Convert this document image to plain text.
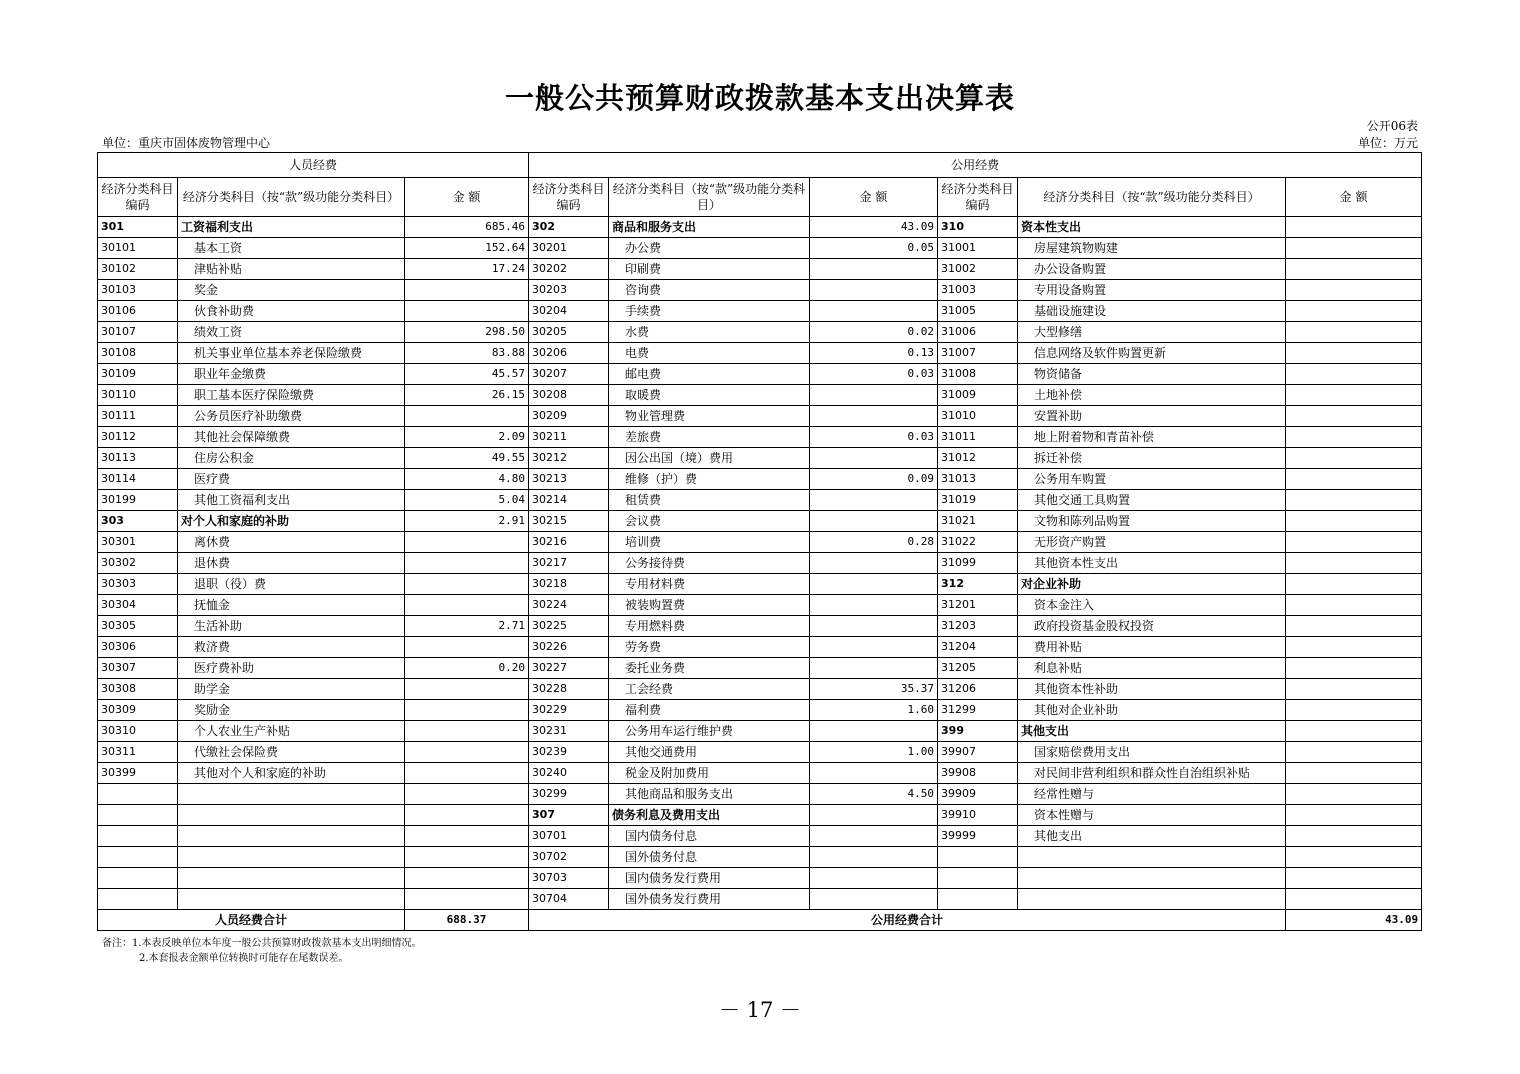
一般公共预算财政拨款基本支出决算表
单位：重庆市固体废物管理中心
公开06表
单位：万元
人员经费			公用经费					
经济分类科目编码	经济分类科目（按“款”级功能分类科目）	金 额	经济分类科目编码	经济分类科目（按“款”级功能分类科目）	金 额	经济分类科目编码	经济分类科目（按“款”级功能分类科目）	金 额
301	工资福利支出	685.46	302	商品和服务支出	43.09	310	资本性支出	
30101	基本工资	152.64	30201	办公费	0.05	31001	房屋建筑物购建	
30102	津贴补贴	17.24	30202	印刷费		31002	办公设备购置	
30103	奖金		30203	咨询费		31003	专用设备购置	
30106	伙食补助费		30204	手续费		31005	基础设施建设	
30107	绩效工资	298.50	30205	水费	0.02	31006	大型修缮	
30108	机关事业单位基本养老保险缴费	83.88	30206	电费	0.13	31007	信息网络及软件购置更新	
30109	职业年金缴费	45.57	30207	邮电费	0.03	31008	物资储备	
30110	职工基本医疗保险缴费	26.15	30208	取暖费		31009	土地补偿	
30111	公务员医疗补助缴费		30209	物业管理费		31010	安置补助	
30112	其他社会保障缴费	2.09	30211	差旅费	0.03	31011	地上附着物和青苗补偿	
30113	住房公积金	49.55	30212	因公出国（境）费用		31012	拆迁补偿	
30114	医疗费	4.80	30213	维修（护）费	0.09	31013	公务用车购置	
30199	其他工资福利支出	5.04	30214	租赁费		31019	其他交通工具购置	
303	对个人和家庭的补助	2.91	30215	会议费		31021	文物和陈列品购置	
30301	离休费		30216	培训费	0.28	31022	无形资产购置	
30302	退休费		30217	公务接待费		31099	其他资本性支出	
30303	退职（役）费		30218	专用材料费		312	对企业补助	
30304	抚恤金		30224	被装购置费		31201	资本金注入	
30305	生活补助	2.71	30225	专用燃料费		31203	政府投资基金股权投资	
30306	救济费		30226	劳务费		31204	费用补贴	
30307	医疗费补助	0.20	30227	委托业务费		31205	利息补贴	
30308	助学金		30228	工会经费	35.37	31206	其他资本性补助	
30309	奖励金		30229	福利费	1.60	31299	其他对企业补助	
30310	个人农业生产补贴		30231	公务用车运行维护费		399	其他支出	
30311	代缴社会保险费		30239	其他交通费用	1.00	39907	国家赔偿费用支出	
30399	其他对个人和家庭的补助		30240	税金及附加费用		39908	对民间非营利组织和群众性自治组织补贴	
			30299	其他商品和服务支出	4.50	39909	经常性赠与	
			307	债务利息及费用支出		39910	资本性赠与	
			30701	国内债务付息		39999	其他支出	
			30702	国外债务付息				
			30703	国内债务发行费用				
			30704	国外债务发行费用				
人员经费合计		688.37	公用经费合计					43.09
备注：1.本表反映单位本年度一般公共预算财政拨款基本支出明细情况。
2.本套报表金额单位转换时可能存在尾数误差。
－ 17 －
